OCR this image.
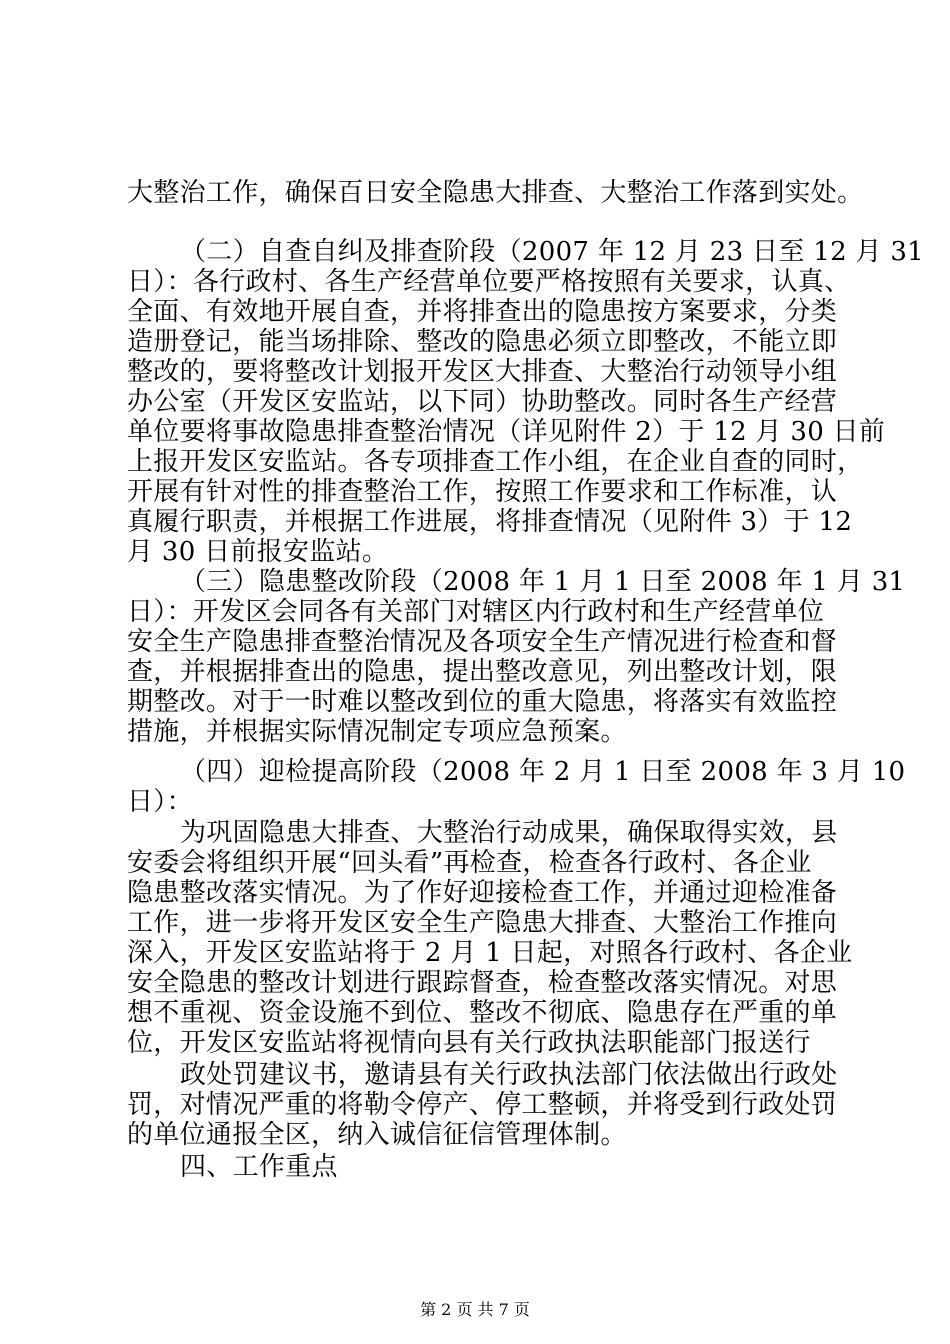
大整治工作，确保百日安全隐患大排查、大整治工作落到实处。
（二）自查自纠及排查阶段（2007 年 12 月 23 日至 12 月 31
日）：各行政村、各生产经营单位要严格按照有关要求，认真、
全面、有效地开展自查，并将排查出的隐患按方案要求，分类
造册登记，能当场排除、整改的隐患必须立即整改，不能立即
整改的，要将整改计划报开发区大排查、大整治行动领导小组
办公室（开发区安监站，以下同）协助整改。同时各生产经营
单位要将事故隐患排查整治情况（详见附件 2）于 12 月 30 日前
上报开发区安监站。各专项排查工作小组，在企业自查的同时，
开展有针对性的排查整治工作，按照工作要求和工作标准，认
真履行职责，并根据工作进展，将排查情况（见附件 3）于 12
月 30 日前报安监站。
（三）隐患整改阶段（2008 年 1 月 1 日至 2008 年 1 月 31
日）：开发区会同各有关部门对辖区内行政村和生产经营单位
安全生产隐患排查整治情况及各项安全生产情况进行检查和督
查，并根据排查出的隐患，提出整改意见，列出整改计划，限
期整改。对于一时难以整改到位的重大隐患，将落实有效监控
措施，并根据实际情况制定专项应急预案。
（四）迎检提高阶段（2008 年 2 月 1 日至 2008 年 3 月 10
日）：
为巩固隐患大排查、大整治行动成果，确保取得实效，县
安委会将组织开展“回头看”再检查，检查各行政村、各企业
隐患整改落实情况。为了作好迎接检查工作，并通过迎检准备
工作，进一步将开发区安全生产隐患大排查、大整治工作推向
深入，开发区安监站将于 2 月 1 日起，对照各行政村、各企业
安全隐患的整改计划进行跟踪督查，检查整改落实情况。对思
想不重视、资金设施不到位、整改不彻底、隐患存在严重的单
位，开发区安监站将视情向县有关行政执法职能部门报送行
政处罚建议书，邀请县有关行政执法部门依法做出行政处
罚，对情况严重的将勒令停产、停工整顿，并将受到行政处罚
的单位通报全区，纳入诚信征信管理体制。
四、工作重点
第 2 页 共 7 页
